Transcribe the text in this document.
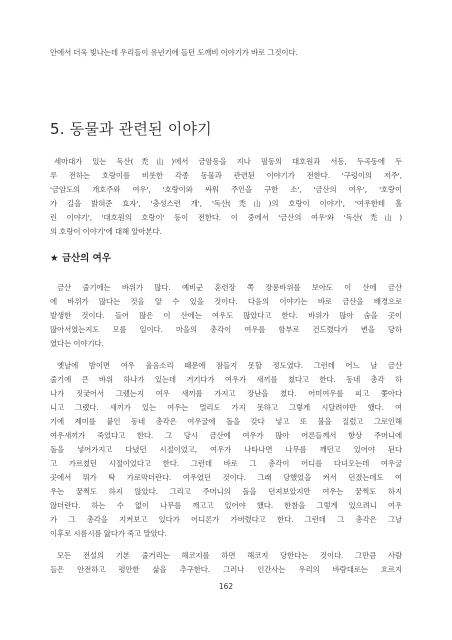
안에서 더욱 빛나는데 우리들이 유년기에 들던 도깨비 이야기가 바로 그것이다.
5. 동물과 관련된 이야기
세마대가 있는 독산(禿山)에서 금암동을 지나 필동의 대호원과 서동, 두곡동에 두
루 전하는 호랑이를 비롯한 각종 동물과 관련된 이야기가 전한다. '구렁이의 저주',
'금암도의 개호주와 여우', '호랑이와 싸워 주인을 구한 소', '금산의 여우', '호랑이
가 길을 밝혀준 효자', '충성스런 개', '독산(禿山)의 호랑이 이야기', '여우한테 홀
린 이야기', '대호원의 호랑이' 등이 전한다. 이 중에서 '금산의 여우'와 '독산(禿山)
의 호랑이 이야기'에 대해 알아본다.
★ 금산의 여우
금산 줄기에는 바위가 많다. 예비군 훈련장 쪽 장롱바위를 보아도 이 산에 금산
에 바위가 많다는 것을 알 수 있을 것이다. 다음의 이야기는 바로 금산을 배경으로
발생한 것이다. 들어 많은 이 산에는 여우도 많았다고 한다. 바위가 많아 숨을 곳이
많아서였는지도 모를 일이다. 마을의 총각이 여우를 함부로 건드렸다가 변을 당하
였다는 이야기다.
옛날에 밤이면 여우 울음소리 때문에 잠들지 못할 정도였다. 그런데 어느 날 금산
줄기에 큰 바위 하나가 있는데 거기다가 여우가 새끼를 쳤다고 한다. 동네 총각 하
나가 짓궂어서 그랬는지 여우 새끼를 가지고 장난을 쳤다. 어미여우를 피고 쫓아다
니고 그랬다. 새끼가 있는 여우는 멀리도 가지 못하고 그렇게 시달려야만 했다. 여
기에 제미를 붙인 동네 총각은 여우굴에 돌을 갖다 넣고 또 불을 질렀고 그로인해
여우새끼가 죽었다고 한다. 그 당시 금산에 여우가 많아 어른들께서 항상 주머니에
돌을 넣어가지고 다녔던 시절이었고, 여우가 나타나면 나무를 깨던고 있어야 된다
고 가르쳤던 시절이었다고 한다. 그런데 바로 그 총각이 어디를 다녀오는데 여우굴
곳에서 뭐가 탁 가로막더란다. 여우였던 것이다. 그래 당했었을 켜서 던졌는데도 여
우는 꿈쩍도 하지 않았다. 그리고 주머니의 돌을 던져보았지만 여우는 꿈쩍도 하지
않더란다. 하는 수 없이 나무를 깨고고 있어야 했다. 한참을 그렇게 있으려니 여우
가 그 총각을 지켜보고 있다가 어디론가 가버렸다고 한다. 그런데 그 총각은 그날
이후로 시름시름 앓다가 죽고 말았다.
모든 전설의 기본 줄거리는 해코지를 하면 해코지 당한다는 것이다. 그만큼 사람
들은 안전하고 평안한 삶을 추구한다. 그러나 인간사는 우리의 바람대로는 흐르지
162
